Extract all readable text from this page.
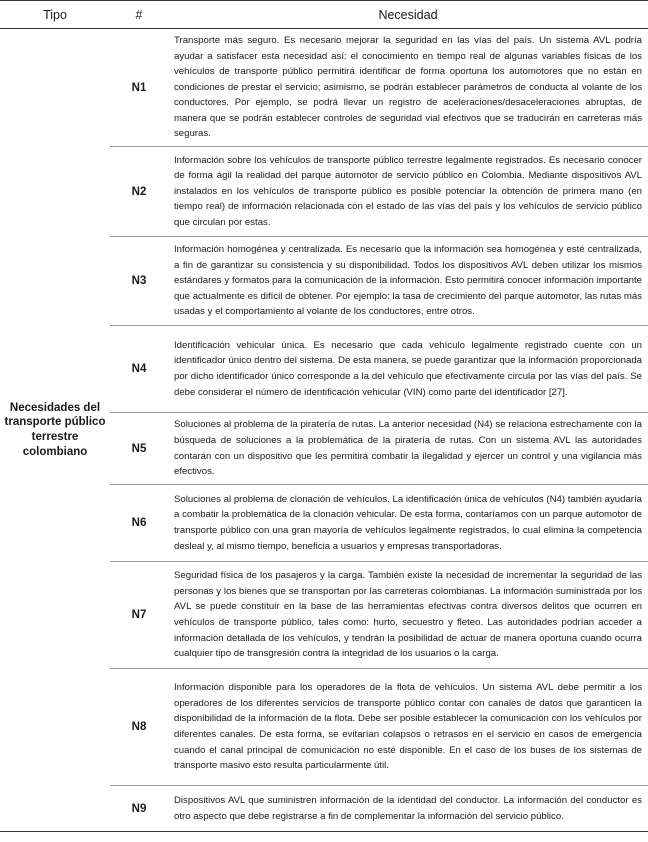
Tipo	#	Necesidad
Necesidades del transporte público terrestre colombiano	N1	Transporte más seguro. Es necesario mejorar la seguridad en las vías del país. Un sistema AVL podría ayudar a satisfacer esta necesidad así: el conocimiento en tiempo real de algunas variables físicas de los vehículos de transporte público permitirá identificar de forma oportuna los automotores que no están en condiciones de prestar el servicio; asimismo, se podrán establecer parámetros de conducta al volante de los conductores. Por ejemplo, se podrá llevar un registro de aceleraciones/desaceleraciones abruptas, de manera que se podrán establecer controles de seguridad vial efectivos que se traducirán en carreteras más seguras.
	N2	Información sobre los vehículos de transporte público terrestre legalmente registrados. Es necesario conocer de forma ágil la realidad del parque automotor de servicio público en Colombia. Mediante dispositivos AVL instalados en los vehículos de transporte público es posible potenciar la obtención de primera mano (en tiempo real) de información relacionada con el estado de las vías del país y los vehículos de servicio público que circulan por estas.
	N3	Información homogénea y centralizada. Es necesario que la información sea homogénea y esté centralizada, a fin de garantizar su consistencia y su disponibilidad. Todos los dispositivos AVL deben utilizar los mismos estándares y formatos para la comunicación de la información. Esto permitirá conocer información importante que actualmente es difícil de obtener. Por ejemplo: la tasa de crecimiento del parque automotor, las rutas más usadas y el comportamiento al volante de los conductores, entre otros.
	N4	Identificación vehicular única. Es necesario que cada vehículo legalmente registrado cuente con un identificador único dentro del sistema. De esta manera, se puede garantizar que la información proporcionada por dicho identificador único corresponde a la del vehículo que efectivamente circula por las vías del país. Se debe considerar el número de identificación vehicular (VIN) como parte del identificador [27].
	N5	Soluciones al problema de la piratería de rutas. La anterior necesidad (N4) se relaciona estrechamente con la búsqueda de soluciones a la problemática de la piratería de rutas. Con un sistema AVL las autoridades contarán con un dispositivo que les permitirá combatir la ilegalidad y ejercer un control y una vigilancia más efectivos.
	N6	Soluciones al problema de clonación de vehículos. La identificación única de vehículos (N4) también ayudaría a combatir la problemática de la clonación vehicular. De esta forma, contaríamos con un parque automotor de transporte público con una gran mayoría de vehículos legalmente registrados, lo cual elimina la competencia desleal y, al mismo tiempo, beneficia a usuarios y empresas transportadoras.
	N7	Seguridad física de los pasajeros y la carga. También existe la necesidad de incrementar la seguridad de las personas y los bienes que se transportan por las carreteras colombianas. La información suministrada por los AVL se puede constituir en la base de las herramientas efectivas contra diversos delitos que ocurren en vehículos de transporte público, tales como: hurto, secuestro y fleteo. Las autoridades podrían acceder a información detallada de los vehículos, y tendrán la posibilidad de actuar de manera oportuna cuando ocurra cualquier tipo de transgresión contra la integridad de los usuarios o la carga.
	N8	Información disponible para los operadores de la flota de vehículos. Un sistema AVL debe permitir a los operadores de los diferentes servicios de transporte público contar con canales de datos que garanticen la disponibilidad de la información de la flota. Debe ser posible establecer la comunicación con los vehículos por diferentes canales. De esta forma, se evitarían colapsos o retrasos en el servicio en casos de emergencia cuando el canal principal de comunicación no esté disponible. En el caso de los buses de los sistemas de transporte masivo esto resulta particularmente útil.
	N9	Dispositivos AVL que suministren información de la identidad del conductor. La información del conductor es otro aspecto que debe registrarse a fin de complementar la información del servicio público.
